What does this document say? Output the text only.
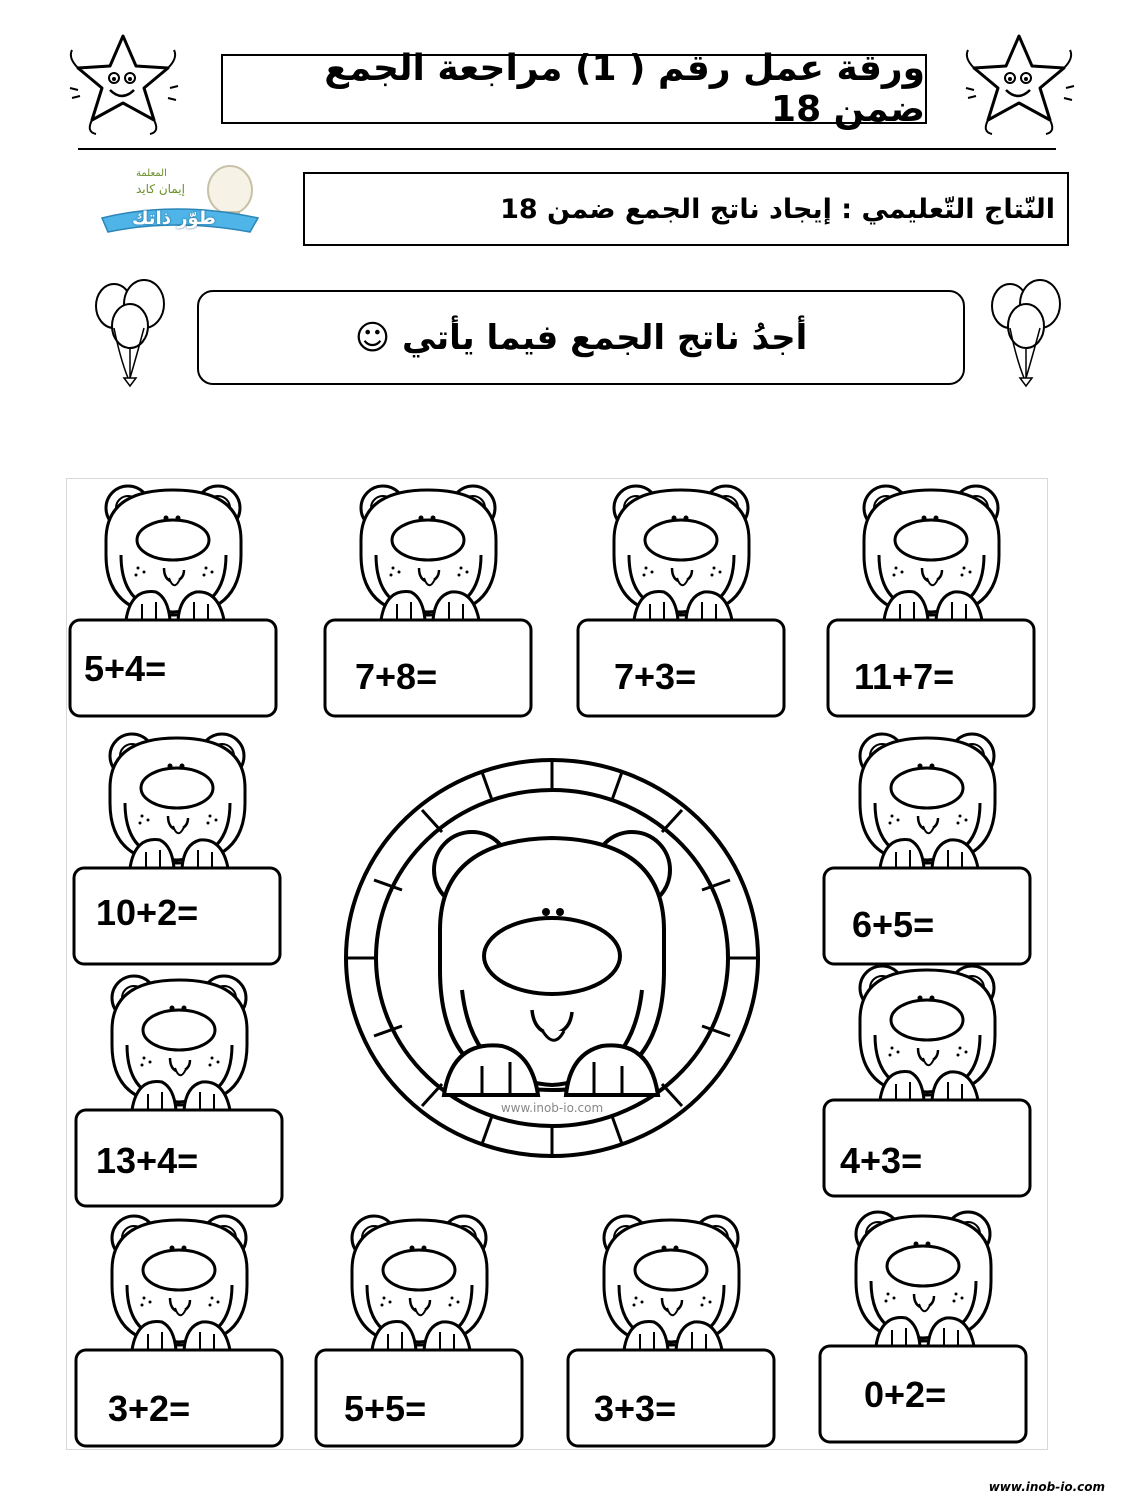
ورقة عمل رقم ( 1) مراجعة الجمع ضمن 18
المعلمة
إيمان كايد
طوّر ذاتك	النّتاج التّعليمي : إيجاد ناتج الجمع ضمن 18
أجدُ ناتج الجمع فيما يأتي ☺
5+4=	7+8=	7+3=	11+7=
10+2=	6+5=
13+4=	4+3=
3+2=	5+5=	3+3=	0+2=
www.inob-io.com
www.inob-io.com
